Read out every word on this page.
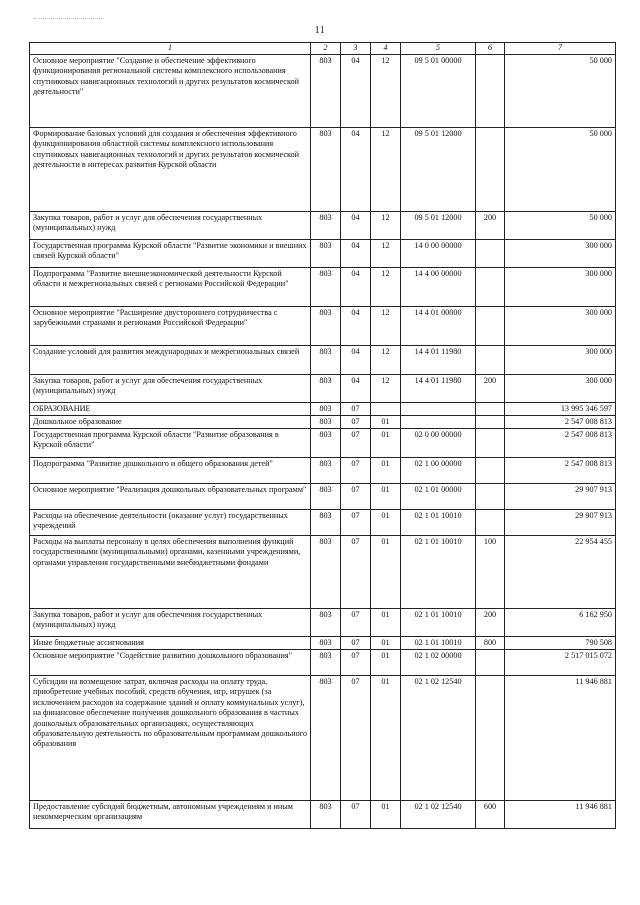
11
1	2	3	4	5	6	7
Основное мероприятие "Создание и обеспечение эффективного функционирования региональной системы комплексного использования спутниковых навигационных технологий и других результатов космической деятельности"	803	04	12	09 5 01 00000		50 000
Формирование базовых условий для создания и обеспечения эффективного функционирования областной системы комплексного использования спутниковых навигационных технологий и других результатов космической деятельности в интересах развития Курской области	803	04	12	09 5 01 12000		50 000
Закупка товаров, работ и услуг для обеспечения государственных (муниципальных) нужд	803	04	12	09 5 01 12000	200	50 000
Государственная программа Курской области "Развитие экономики и внешних связей Курской области"	803	04	12	14 0 00 00000		300 000
Подпрограмма "Развитие внешнеэкономической деятельности Курской области и межрегиональных связей с регионами Российской Федерации"	803	04	12	14 4 00 00000		300 000
Основное мероприятие "Расширение двустороннего сотрудничества с зарубежными странами и регионами Российской Федерации"	803	04	12	14 4 01 00000		300 000
Создание условий для развития международных и межрегиональных связей	803	04	12	14 4 01 11980		300 000
Закупка товаров, работ и услуг для обеспечения государственных (муниципальных) нужд	803	04	12	14 4 01 11980	200	300 000
ОБРАЗОВАНИЕ	803	07				13 995 346 597
Дошкольное образование	803	07	01			2 547 008 813
Государственная программа Курской области "Развитие образования в Курской области"	803	07	01	02 0 00 00000		2 547 008 813
Подпрограмма "Развитие дошкольного и общего образования детей"	803	07	01	02 1 00 00000		2 547 008 813
Основное мероприятие "Реализация дошкольных образовательных программ"	803	07	01	02 1 01 00000		29 907 913
Расходы на обеспечение деятельности (оказание услуг) государственных учреждений	803	07	01	02 1 01 10010		29 907 913
Расходы на выплаты персоналу в целях обеспечения выполнения функций государственными (муниципальными) органами, казенными учреждениями, органами управления государственными внебюджетными фондами	803	07	01	02 1 01 10010	100	22 954 455
Закупка товаров, работ и услуг для обеспечения государственных (муниципальных) нужд	803	07	01	02 1 01 10010	200	6 162 950
Иные бюджетные ассигнования	803	07	01	02 1 01 10010	800	790 508
Основное мероприятие "Содействие развитию дошкольного образования"	803	07	01	02 1 02 00000		2 517 015 072
Субсидии на возмещение затрат, включая расходы на оплату труда, приобретение учебных пособий, средств обучения, игр, игрушек (за исключением расходов на содержание зданий и оплату коммунальных услуг), на финансовое обеспечение получения дошкольного образования в частных дошкольных образовательных организациях, осуществляющих образовательную деятельность по образовательным программам дошкольного образования	803	07	01	02 1 02 12540		11 946 881
Предоставление субсидий бюджетным, автономным учреждениям и иным некоммерческим организациям	803	07	01	02 1 02 12540	600	11 946 881
